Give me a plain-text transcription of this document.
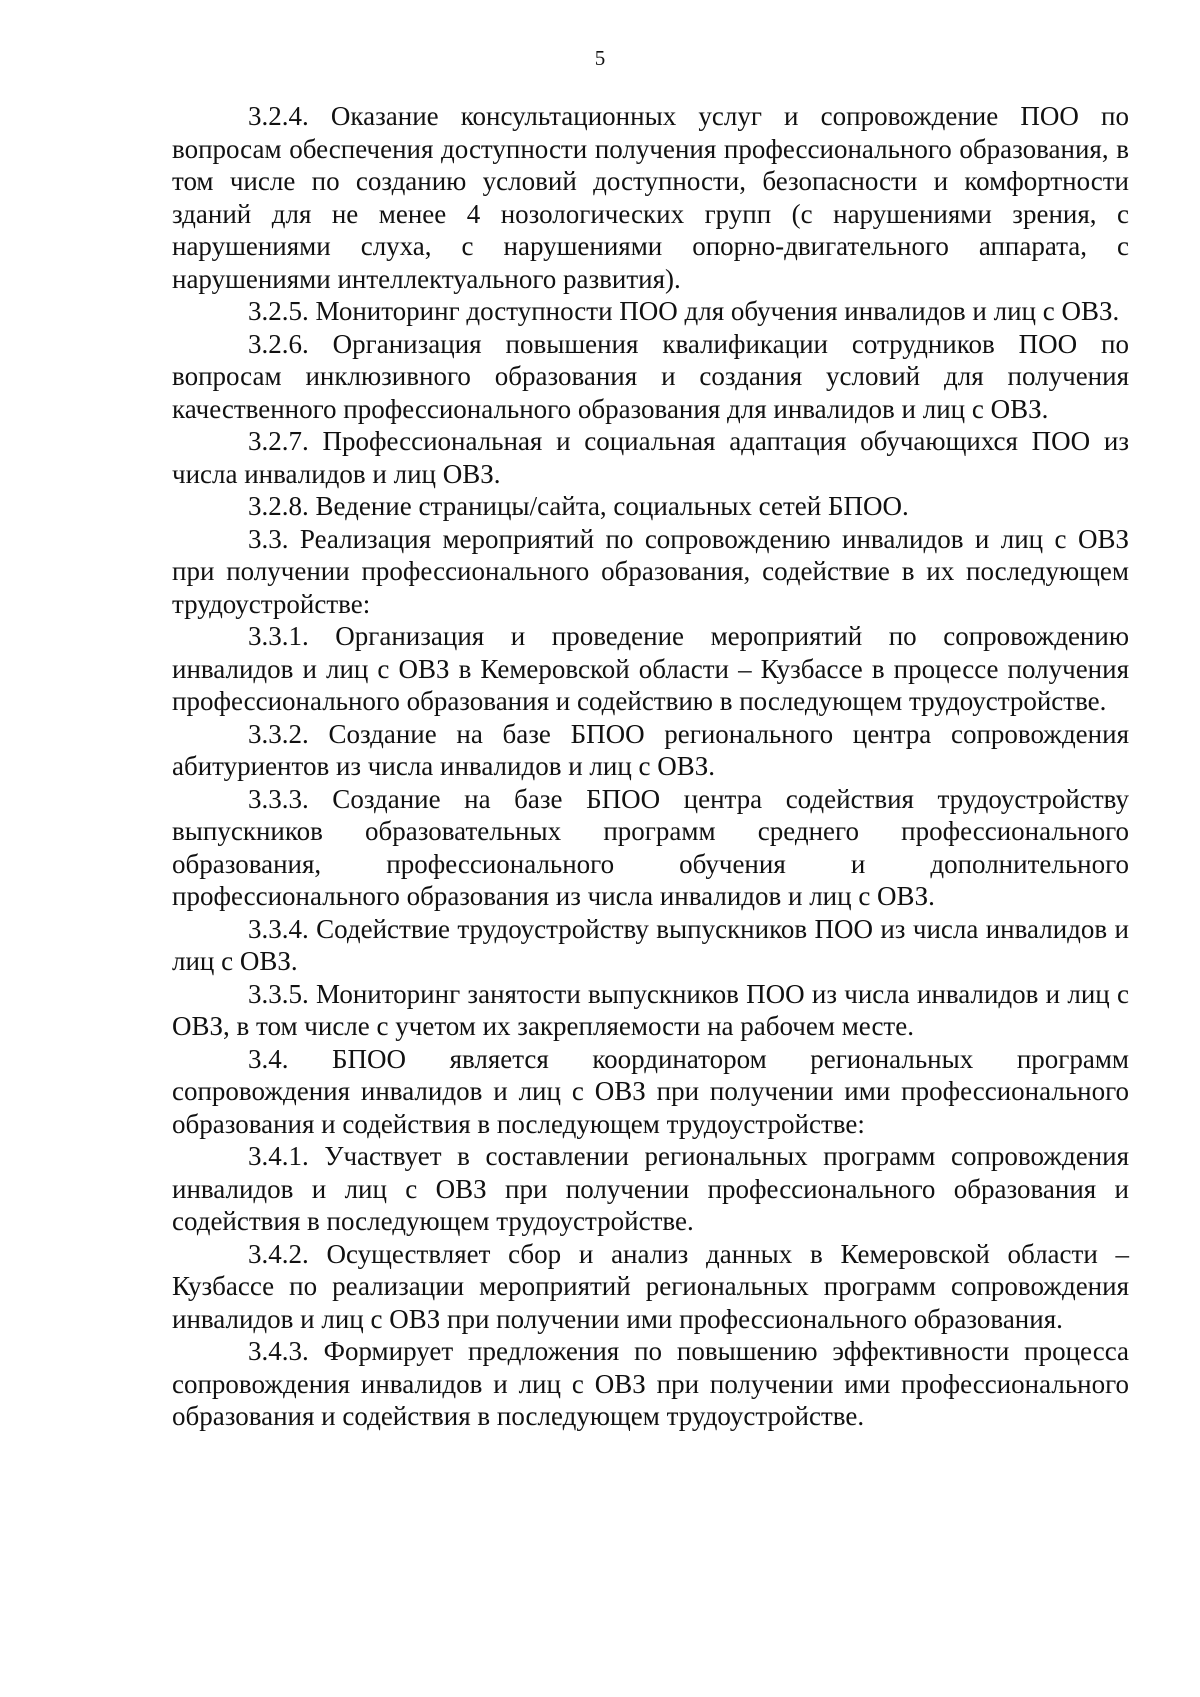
5

3.2.4. Оказание консультационных услуг и сопровождение ПОО по вопросам обеспечения доступности получения профессионального образования, в том числе по созданию условий доступности, безопасности и комфортности зданий для не менее 4 нозологических групп (с нарушениями зрения, с нарушениями слуха, с нарушениями опорно-двигательного аппарата, с нарушениями интеллектуального развития).

3.2.5. Мониторинг доступности ПОО для обучения инвалидов и лиц с ОВЗ.

3.2.6. Организация повышения квалификации сотрудников ПОО по вопросам инклюзивного образования и создания условий для получения качественного профессионального образования для инвалидов и лиц с ОВЗ.

3.2.7. Профессиональная и социальная адаптация обучающихся ПОО из числа инвалидов и лиц ОВЗ.

3.2.8. Ведение страницы/сайта, социальных сетей БПОО.

3.3. Реализация мероприятий по сопровождению инвалидов и лиц с ОВЗ при получении профессионального образования, содействие в их последующем трудоустройстве:

3.3.1. Организация и проведение мероприятий по сопровождению инвалидов и лиц с ОВЗ в Кемеровской области – Кузбассе в процессе получения профессионального образования и содействию в последующем трудоустройстве.

3.3.2. Создание на базе БПОО регионального центра сопровождения абитуриентов из числа инвалидов и лиц с ОВЗ.

3.3.3. Создание на базе БПОО центра содействия трудоустройству выпускников образовательных программ среднего профессионального образования, профессионального обучения и дополнительного профессионального образования из числа инвалидов и лиц с ОВЗ.

3.3.4. Содействие трудоустройству выпускников ПОО из числа инвалидов и лиц с ОВЗ.

3.3.5. Мониторинг занятости выпускников ПОО из числа инвалидов и лиц с ОВЗ, в том числе с учетом их закрепляемости на рабочем месте.

3.4. БПОО является координатором региональных программ сопровождения инвалидов и лиц с ОВЗ при получении ими профессионального образования и содействия в последующем трудоустройстве:

3.4.1. Участвует в составлении региональных программ сопровождения инвалидов и лиц с ОВЗ при получении профессионального образования и содействия в последующем трудоустройстве.

3.4.2. Осуществляет сбор и анализ данных в Кемеровской области – Кузбассе по реализации мероприятий региональных программ сопровождения инвалидов и лиц с ОВЗ при получении ими профессионального образования.

3.4.3. Формирует предложения по повышению эффективности процесса сопровождения инвалидов и лиц с ОВЗ при получении ими профессионального образования и содействия в последующем трудоустройстве.
